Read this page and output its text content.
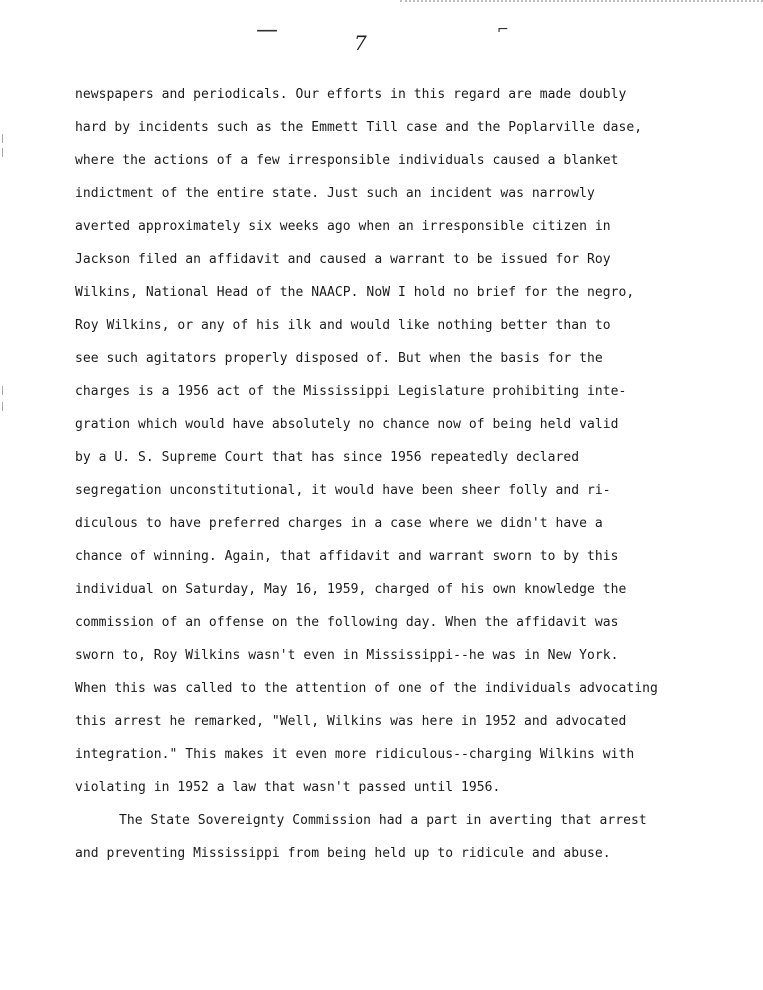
—	7
⌐
newspapers and periodicals. Our efforts in this regard are made doubly
hard by incidents such as the Emmett Till case and the Poplarville dase,
where the actions of a few irresponsible individuals caused a blanket
indictment of the entire state. Just such an incident was narrowly
averted approximately six weeks ago when an irresponsible citizen in
Jackson filed an affidavit and caused a warrant to be issued for Roy
Wilkins, National Head of the NAACP. NoW I hold no brief for the negro,
Roy Wilkins, or any of his ilk and would like nothing better than to
see such agitators properly disposed of. But when the basis for the
charges is a 1956 act of the Mississippi Legislature prohibiting inte-
gration which would have absolutely no chance now of being held valid
by a U. S. Supreme Court that has since 1956 repeatedly declared
segregation unconstitutional, it would have been sheer folly and ri-
diculous to have preferred charges in a case where we didn't have a
chance of winning. Again, that affidavit and warrant sworn to by this
individual on Saturday, May 16, 1959, charged of his own knowledge the
commission of an offense on the following day. When the affidavit was
sworn to, Roy Wilkins wasn't even in Mississippi--he was in New York.
When this was called to the attention of one of the individuals advocating
this arrest he remarked, "Well, Wilkins was here in 1952 and advocated
integration." This makes it even more ridiculous--charging Wilkins with
violating in 1952 a law that wasn't passed until 1956.
The State Sovereignty Commission had a part in averting that arrest
and preventing Mississippi from being held up to ridicule and abuse.
